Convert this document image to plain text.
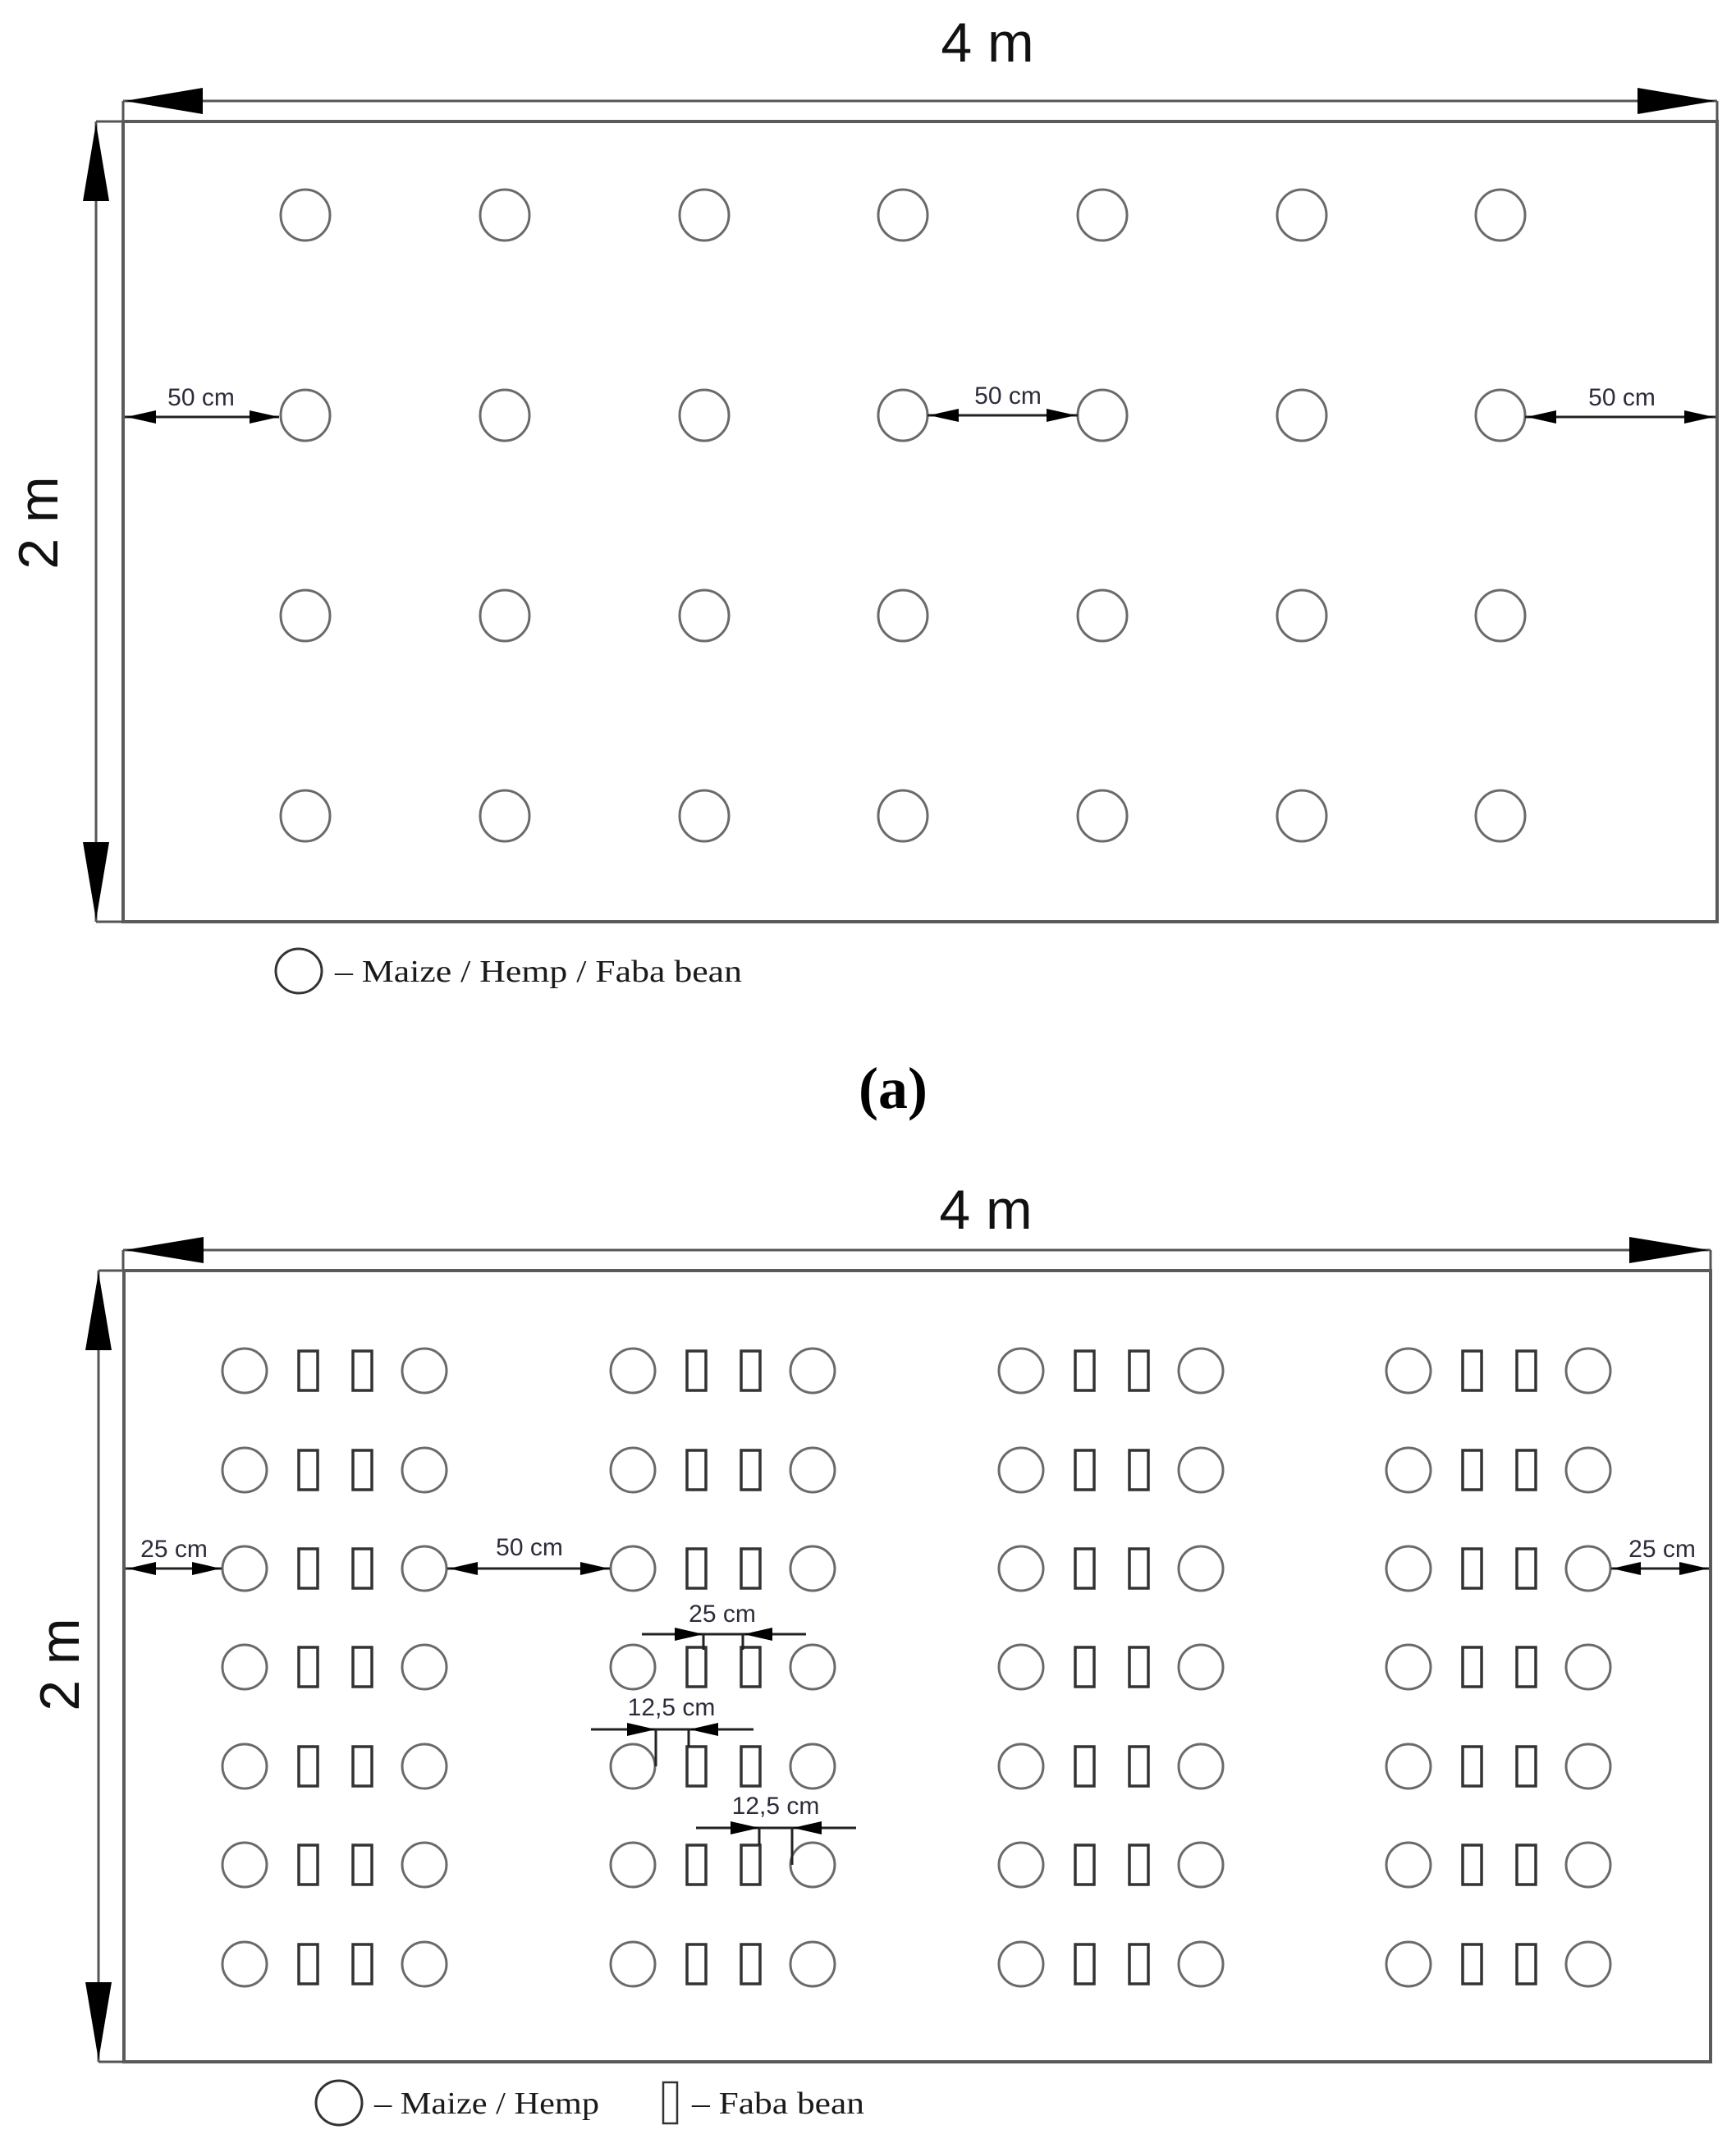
4 m
2 m
50 cm	50 cm	50 cm
– Maize / Hemp / Faba bean
(a)
4 m
2 m
25 cm	50 cm	25 cm
25 cm
12,5 cm
12,5 cm
– Maize / Hemp	– Faba bean
